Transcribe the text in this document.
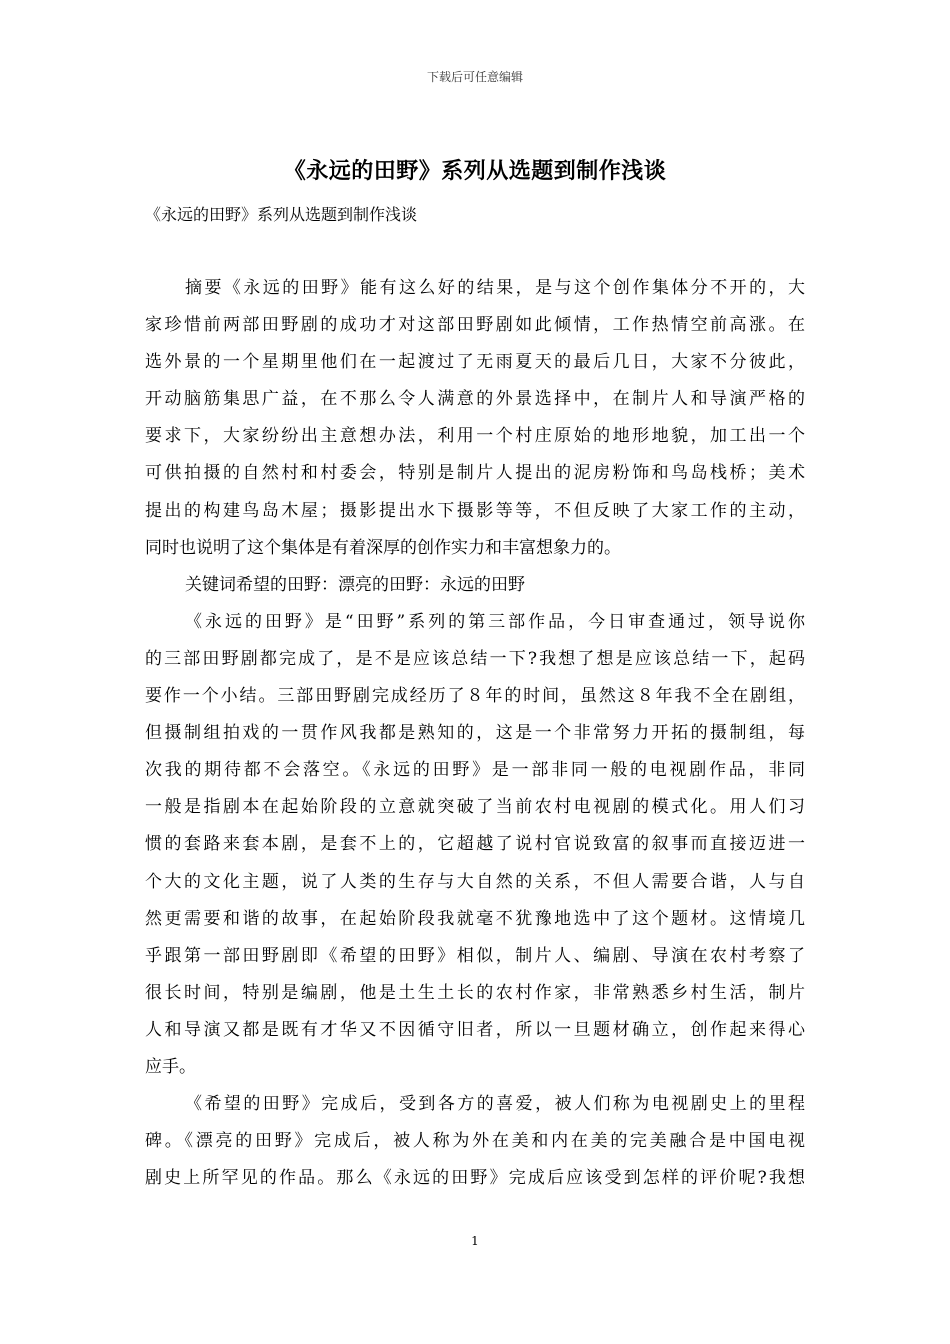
下载后可任意编辑
《永远的田野》系列从选题到制作浅谈
《永远的田野》系列从选题到制作浅谈
摘要《永远的田野》能有这么好的结果，是与这个创作集体分不开的，大
家珍惜前两部田野剧的成功才对这部田野剧如此倾情，工作热情空前高涨。在
选外景的一个星期里他们在一起渡过了无雨夏天的最后几日，大家不分彼此，
开动脑筋集思广益，在不那么令人满意的外景选择中，在制片人和导演严格的
要求下，大家纷纷出主意想办法，利用一个村庄原始的地形地貌，加工出一个
可供拍摄的自然村和村委会，特别是制片人提出的泥房粉饰和鸟岛栈桥；美术
提出的构建鸟岛木屋；摄影提出水下摄影等等，不但反映了大家工作的主动，
同时也说明了这个集体是有着深厚的创作实力和丰富想象力的。
关键词希望的田野：漂亮的田野：永远的田野
《永远的田野》是“田野”系列的第三部作品，今日审查通过，领导说你
的三部田野剧都完成了，是不是应该总结一下?我想了想是应该总结一下，起码
要作一个小结。三部田野剧完成经历了８年的时间，虽然这８年我不全在剧组，
但摄制组拍戏的一贯作风我都是熟知的，这是一个非常努力开拓的摄制组，每
次我的期待都不会落空。《永远的田野》是一部非同一般的电视剧作品，非同
一般是指剧本在起始阶段的立意就突破了当前农村电视剧的模式化。用人们习
惯的套路来套本剧，是套不上的，它超越了说村官说致富的叙事而直接迈进一
个大的文化主题，说了人类的生存与大自然的关系，不但人需要合谐，人与自
然更需要和谐的故事，在起始阶段我就毫不犹豫地选中了这个题材。这情境几
乎跟第一部田野剧即《希望的田野》相似，制片人、编剧、导演在农村考察了
很长时间，特别是编剧，他是土生土长的农村作家，非常熟悉乡村生活，制片
人和导演又都是既有才华又不因循守旧者，所以一旦题材确立，创作起来得心
应手。
《希望的田野》完成后，受到各方的喜爱，被人们称为电视剧史上的里程
碑。《漂亮的田野》完成后，被人称为外在美和内在美的完美融合是中国电视
剧史上所罕见的作品。那么《永远的田野》完成后应该受到怎样的评价呢?我想
1
